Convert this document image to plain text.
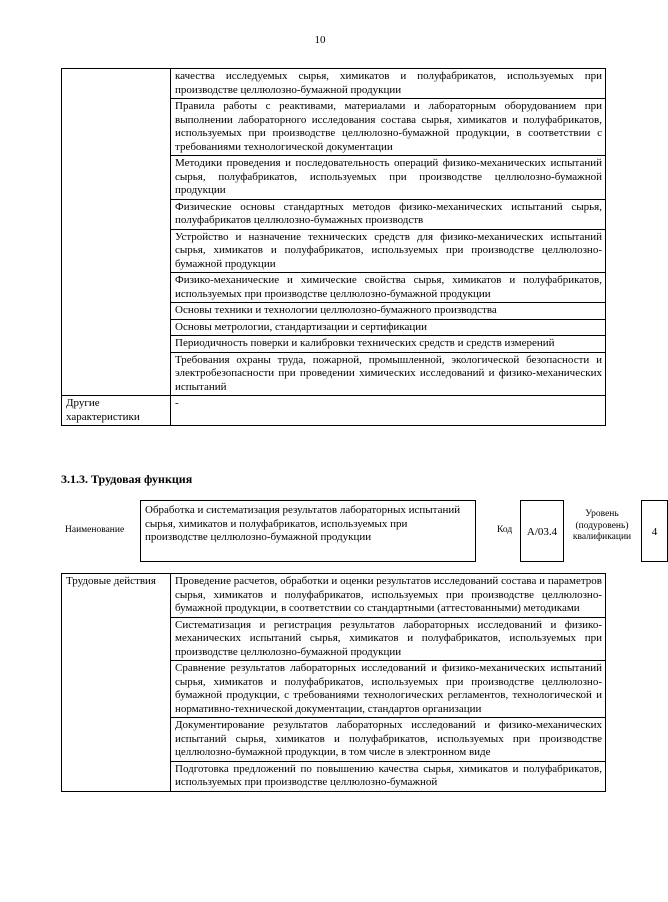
10
	качества исследуемых сырья, химикатов и полуфабрикатов, используемых при производстве целлюлозно-бумажной продукции
	Правила работы с реактивами, материалами и лабораторным оборудованием при выполнении лабораторного исследования состава сырья, химикатов и полуфабрикатов, используемых при производстве целлюлозно-бумажной продукции, в соответствии с требованиями технологической документации
	Методики проведения и последовательность операций физико-механических испытаний сырья, полуфабрикатов, используемых при производстве целлюлозно-бумажной продукции
	Физические основы стандартных методов физико-механических испытаний сырья, полуфабрикатов целлюлозно-бумажных производств
	Устройство и назначение технических средств для физико-механических испытаний сырья, химикатов и полуфабрикатов, используемых при производстве целлюлозно-бумажной продукции
	Физико-механические и химические свойства сырья, химикатов и полуфабрикатов, используемых при производстве целлюлозно-бумажной продукции
	Основы техники и технологии целлюлозно-бумажного производства
	Основы метрологии, стандартизации и сертификации
	Периодичность поверки и калибровки технических средств и средств измерений
	Требования охраны труда, пожарной, промышленной, экологической безопасности и электробезопасности при проведении химических исследований и физико-механических испытаний
Другие характеристики	-
3.1.3. Трудовая функция
Наименование
Обработка и систематизация результатов лабораторных испытаний сырья, химикатов и полуфабрикатов, используемых при производстве целлюлозно-бумажной продукции
Код	А/03.4
Уровень (подуровень) квалификации	4
Трудовые действия	Проведение расчетов, обработки и оценки результатов исследований состава и параметров сырья, химикатов и полуфабрикатов, используемых при производстве целлюлозно-бумажной продукции, в соответствии со стандартными (аттестованными) методиками
Систематизация и регистрация результатов лабораторных исследований и физико-механических испытаний сырья, химикатов и полуфабрикатов, используемых при производстве целлюлозно-бумажной продукции
Сравнение результатов лабораторных исследований и физико-механических испытаний сырья, химикатов и полуфабрикатов, используемых при производстве целлюлозно-бумажной продукции, с требованиями технологических регламентов, технологической и нормативно-технической документации, стандартов организации
Документирование результатов лабораторных исследований и физико-механических испытаний сырья, химикатов и полуфабрикатов, используемых при производстве целлюлозно-бумажной продукции, в том числе в электронном виде
Подготовка предложений по повышению качества сырья, химикатов и полуфабрикатов, используемых при производстве целлюлозно-бумажной
